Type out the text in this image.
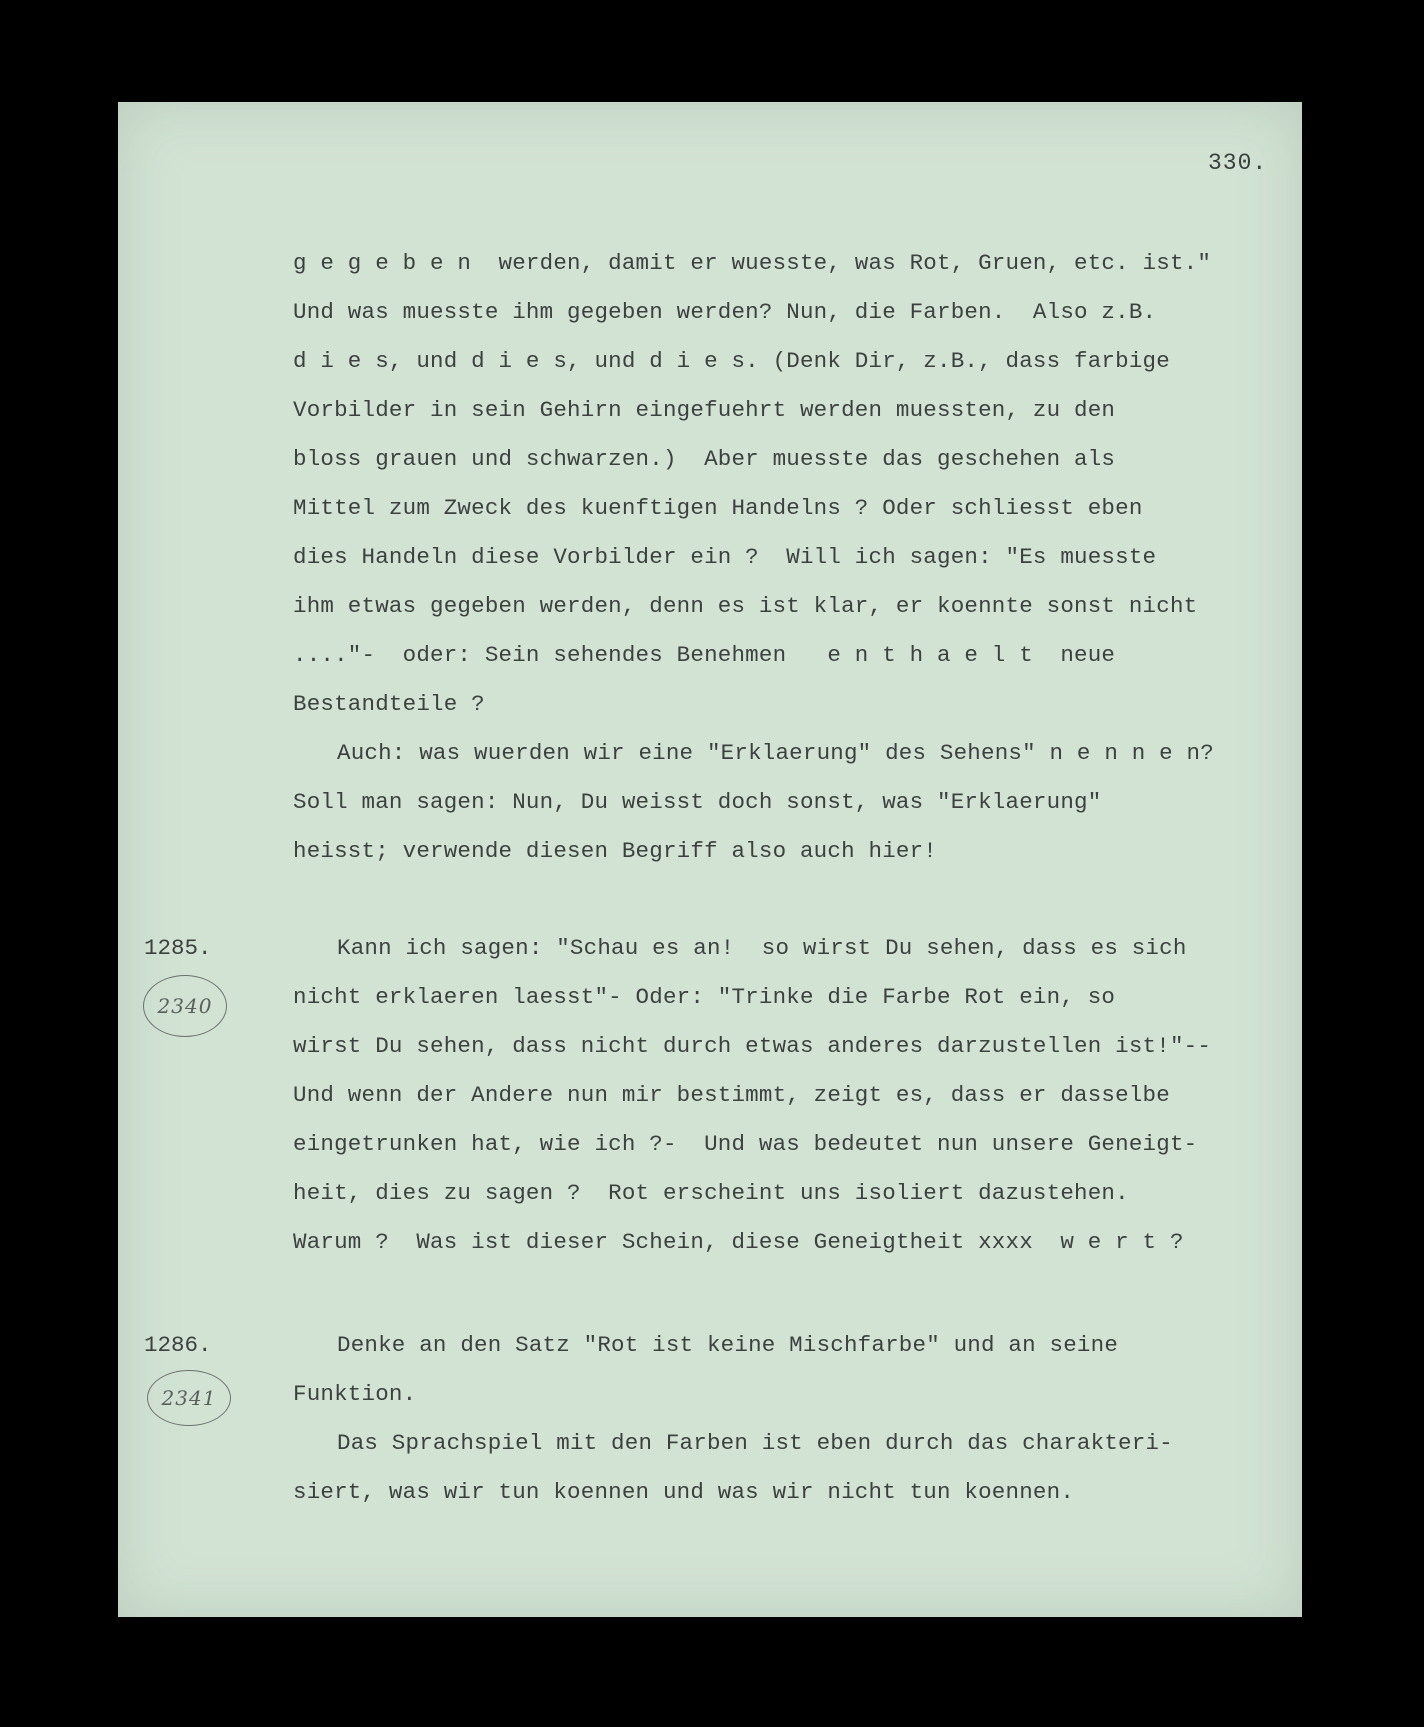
330.
g e g e b e n  werden, damit er wuesste, was Rot, Gruen, etc. ist."
Und was muesste ihm gegeben werden? Nun, die Farben.  Also z.B.
d i e s, und d i e s, und d i e s. (Denk Dir, z.B., dass farbige
Vorbilder in sein Gehirn eingefuehrt werden muessten, zu den
bloss grauen und schwarzen.)  Aber muesste das geschehen als
Mittel zum Zweck des kuenftigen Handelns ? Oder schliesst eben
dies Handeln diese Vorbilder ein ?  Will ich sagen: "Es muesste
ihm etwas gegeben werden, denn es ist klar, er koennte sonst nicht
...."-  oder: Sein sehendes Benehmen   e n t h a e l t  neue
Bestandteile ?
Auch: was wuerden wir eine "Erklaerung" des Sehens" n e n n e n?
Soll man sagen: Nun, Du weisst doch sonst, was "Erklaerung"
heisst; verwende diesen Begriff also auch hier!
1285.
2340
Kann ich sagen: "Schau es an!  so wirst Du sehen, dass es sich
nicht erklaeren laesst"- Oder: "Trinke die Farbe Rot ein, so
wirst Du sehen, dass nicht durch etwas anderes darzustellen ist!"--
Und wenn der Andere nun mir bestimmt, zeigt es, dass er dasselbe
eingetrunken hat, wie ich ?-  Und was bedeutet nun unsere Geneigt-
heit, dies zu sagen ?  Rot erscheint uns isoliert dazustehen.
Warum ?  Was ist dieser Schein, diese Geneigtheit xxxx  w e r t ?
1286.
2341
Denke an den Satz "Rot ist keine Mischfarbe" und an seine
Funktion.
Das Sprachspiel mit den Farben ist eben durch das charakteri-
siert, was wir tun koennen und was wir nicht tun koennen.
